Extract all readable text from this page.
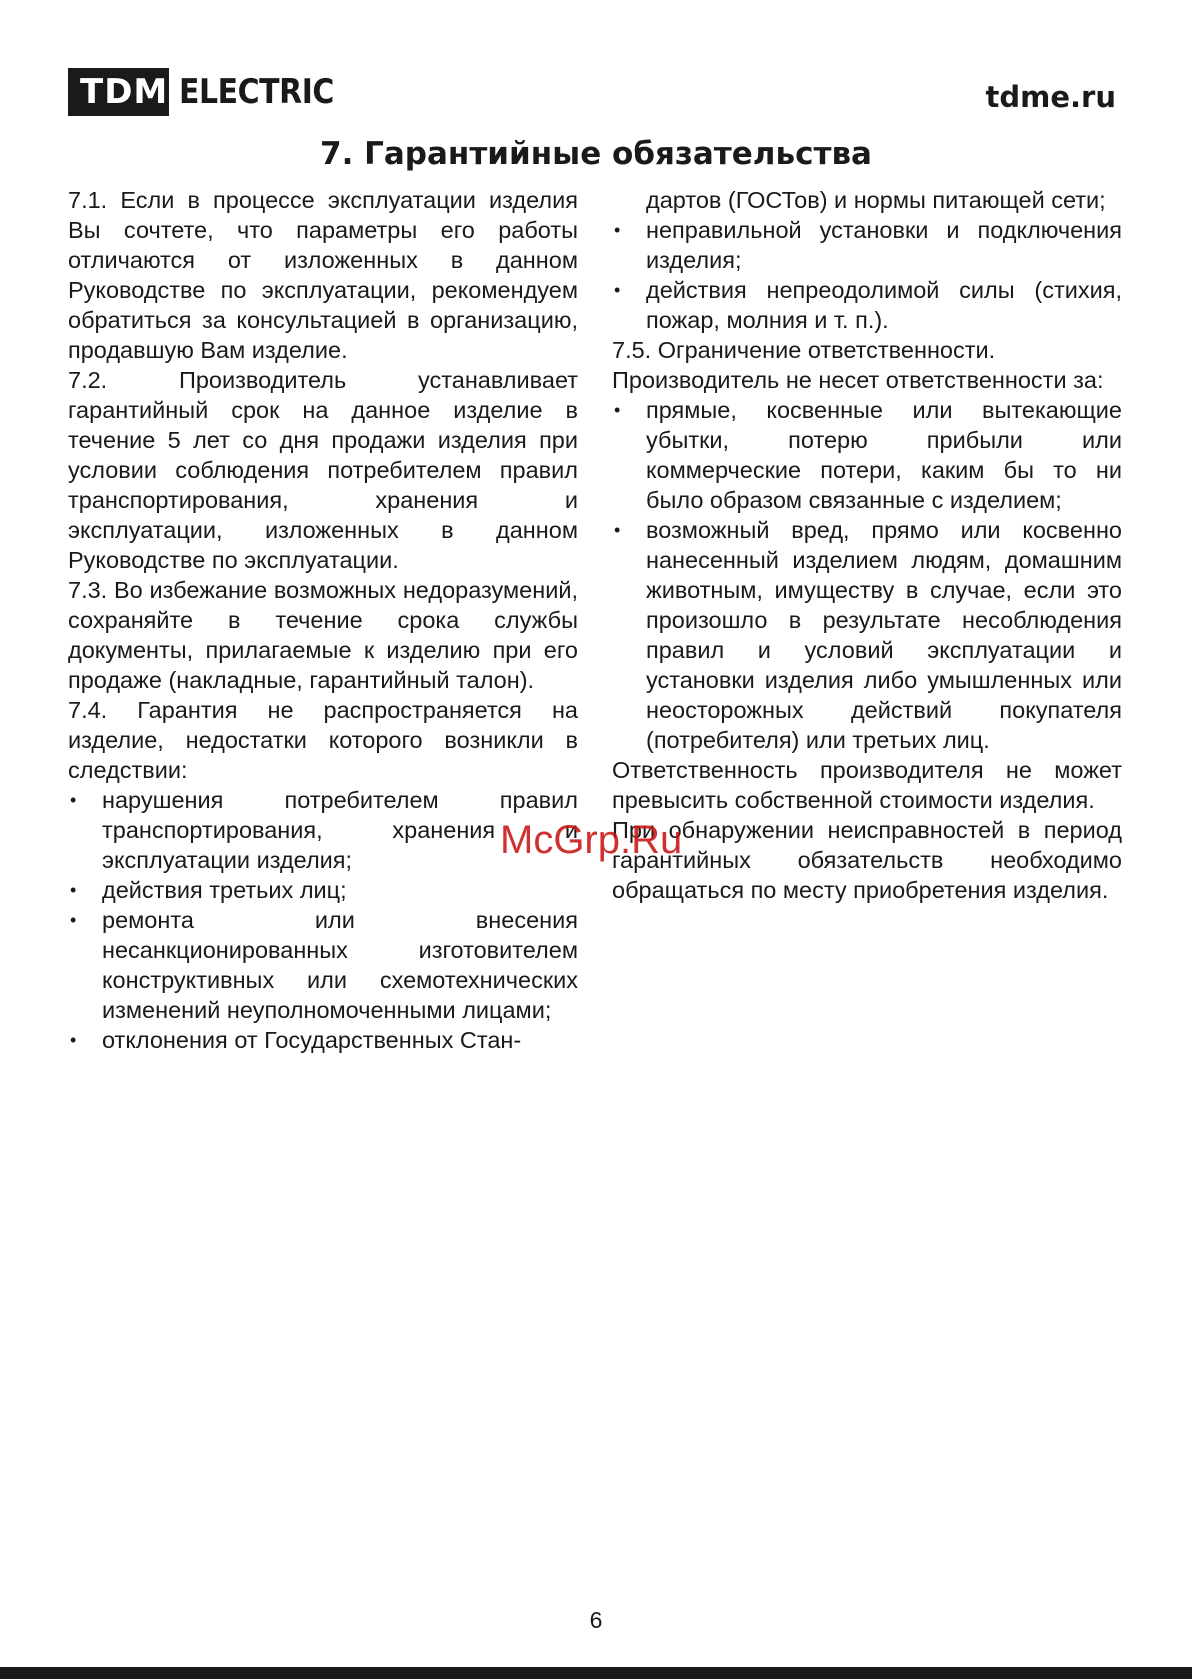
TDM ELECTRIC	tdme.ru
7. Гарантийные обязательства

7.1. Если в процессе эксплуатации изделия Вы сочтете, что параметры его работы отличаются от изложенных в данном Руководстве по эксплуатации, рекомендуем обратиться за консультацией в организацию, продавшую Вам изделие.

7.2. Производитель устанавливает гарантийный срок на данное изделие в течение 5 лет со дня продажи изделия при условии соблюдения потребителем правил транспортирования, хранения и эксплуатации, изложенных в данном Руководстве по эксплуатации.

7.3. Во избежание возможных недоразумений, сохраняйте в течение срока службы документы, прилагаемые к изделию при его продаже (накладные, гарантийный талон).

7.4. Гарантия не распространяется на изделие, недостатки которого возникли в следствии:

• нарушения потребителем правил транспортирования, хранения и эксплуатации изделия;
• действия третьих лиц;
• ремонта или внесения несанкционированных изготовителем конструктивных или схемотехнических изменений неуполномоченными лицами;
• отклонения от Государственных Стан-

дартов (ГОСТов) и нормы питающей сети;

• неправильной установки и подключения изделия;
• действия непреодолимой силы (стихия, пожар, молния и т. п.).

7.5. Ограничение ответственности.

Производитель не несет ответственности за:

• прямые, косвенные или вытекающие убытки, потерю прибыли или коммерческие потери, каким бы то ни было образом связанные с изделием;
• возможный вред, прямо или косвенно нанесенный изделием людям, домашним животным, имуществу в случае, если это произошло в результате несоблюдения правил и условий эксплуатации и установки изделия либо умышленных или неосторожных действий покупателя (потребителя) или третьих лиц.

Ответственность производителя не может превысить собственной стоимости изделия.

При обнаружении неисправностей в период гарантийных обязательств необходимо обращаться по месту приобретения изделия.

McGrp.Ru
6
